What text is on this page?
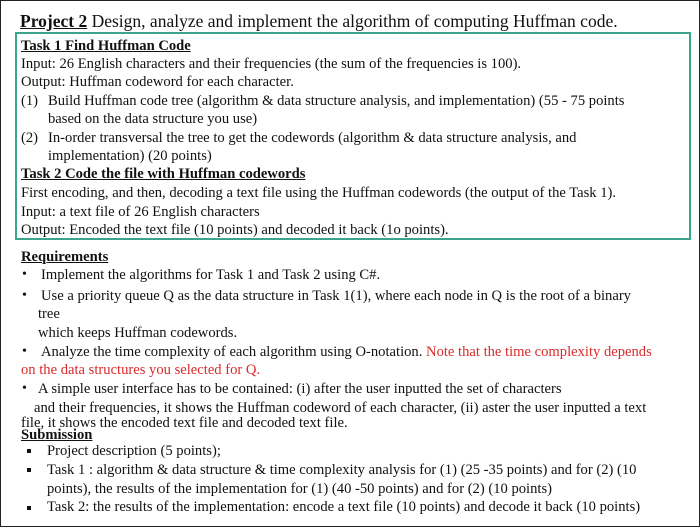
Project 2 Design, analyze and implement the algorithm of computing Huffman code.
Task 1 Find Huffman Code
Input: 26 English characters and their frequencies (the sum of the frequencies is 100).
Output: Huffman codeword for each character.
(1) Build Huffman code tree (algorithm & data structure analysis, and implementation) (55 - 75 points
based on the data structure you use)
(2) In-order transversal the tree to get the codewords (algorithm & data structure analysis, and
implementation) (20 points)
Task 2 Code the file with Huffman codewords
First encoding, and then, decoding a text file using the Huffman codewords (the output of the Task 1).
Input: a text file of 26 English characters
Output: Encoded the text file (10 points) and decoded it back (1o points).
Requirements
• Implement the algorithms for Task 1 and Task 2 using C#.
• Use a priority queue Q as the data structure in Task 1(1), where each node in Q is the root of a binary
tree
which keeps Huffman codewords.
• Analyze the time complexity of each algorithm using O-notation. Note that the time complexity depends
on the data structures you selected for Q.
• A simple user interface has to be contained: (i) after the user inputted the set of characters
and their frequencies, it shows the Huffman codeword of each character, (ii) aster the user inputted a text
file, it shows the encoded text file and decoded text file.
Submission
Project description (5 points);
Task 1 : algorithm & data structure & time complexity analysis for (1) (25 -35 points) and for (2) (10
points), the results of the implementation for (1) (40 -50 points) and for (2) (10 points)
Task 2: the results of the implementation: encode a text file (10 points) and decode it back (10 points)
